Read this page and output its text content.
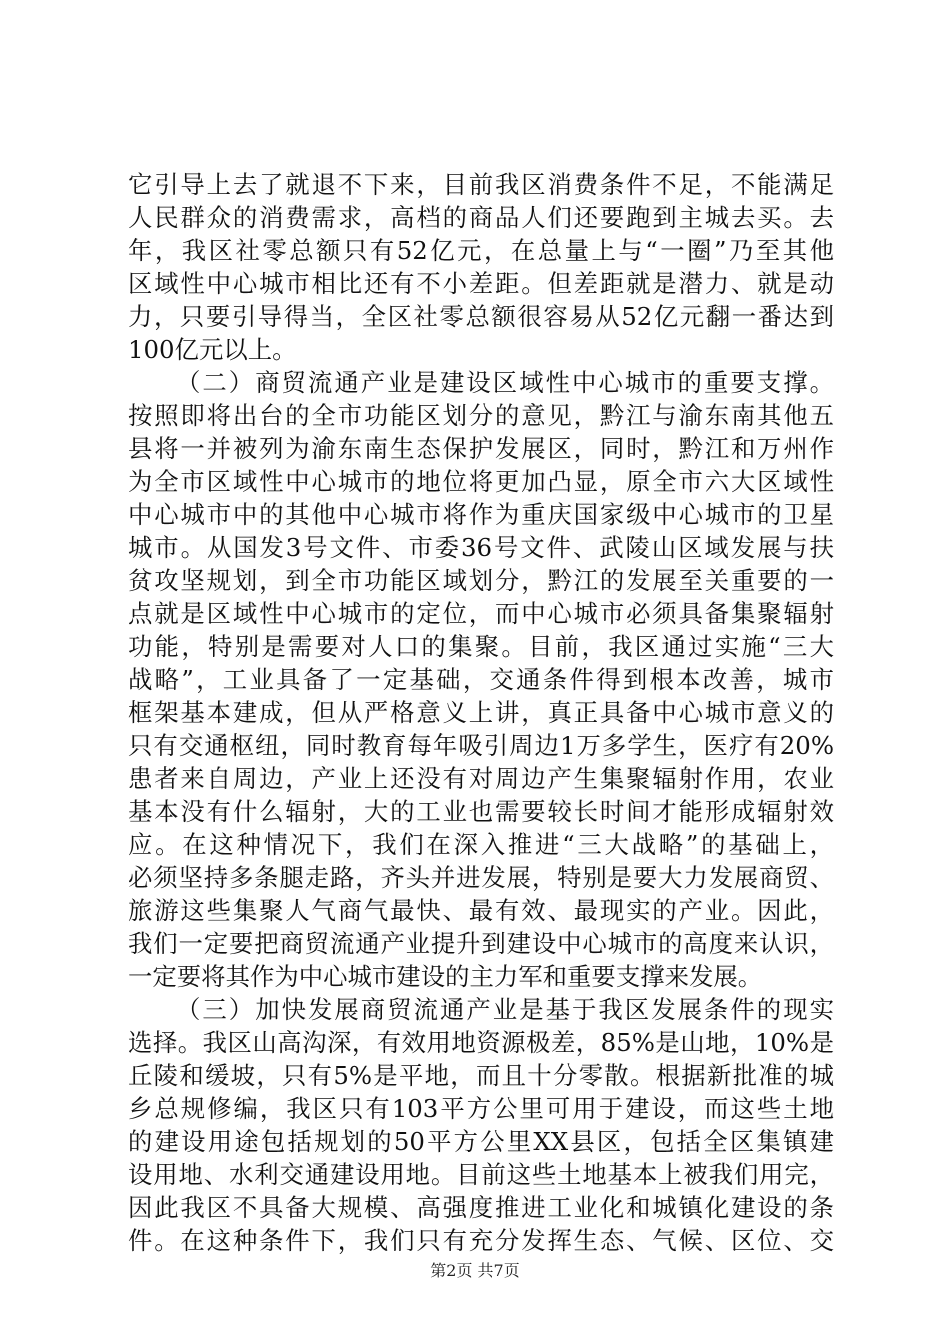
它引导上去了就退不下来，目前我区消费条件不足，不能满足
人民群众的消费需求，高档的商品人们还要跑到主城去买。去
年，我区社零总额只有52亿元，在总量上与“一圈”乃至其他
区域性中心城市相比还有不小差距。但差距就是潜力、就是动
力，只要引导得当，全区社零总额很容易从52亿元翻一番达到
100亿元以上。
（二）商贸流通产业是建设区域性中心城市的重要支撑。
按照即将出台的全市功能区划分的意见，黔江与渝东南其他五
县将一并被列为渝东南生态保护发展区，同时，黔江和万州作
为全市区域性中心城市的地位将更加凸显，原全市六大区域性
中心城市中的其他中心城市将作为重庆国家级中心城市的卫星
城市。从国发3号文件、市委36号文件、武陵山区域发展与扶
贫攻坚规划，到全市功能区域划分，黔江的发展至关重要的一
点就是区域性中心城市的定位，而中心城市必须具备集聚辐射
功能，特别是需要对人口的集聚。目前，我区通过实施“三大
战略”，工业具备了一定基础，交通条件得到根本改善，城市
框架基本建成，但从严格意义上讲，真正具备中心城市意义的
只有交通枢纽，同时教育每年吸引周边1万多学生，医疗有20%
患者来自周边，产业上还没有对周边产生集聚辐射作用，农业
基本没有什么辐射，大的工业也需要较长时间才能形成辐射效
应。在这种情况下，我们在深入推进“三大战略”的基础上，
必须坚持多条腿走路，齐头并进发展，特别是要大力发展商贸、
旅游这些集聚人气商气最快、最有效、最现实的产业。因此，
我们一定要把商贸流通产业提升到建设中心城市的高度来认识，
一定要将其作为中心城市建设的主力军和重要支撑来发展。
（三）加快发展商贸流通产业是基于我区发展条件的现实
选择。我区山高沟深，有效用地资源极差，85%是山地，10%是
丘陵和缓坡，只有5%是平地，而且十分零散。根据新批准的城
乡总规修编，我区只有103平方公里可用于建设，而这些土地
的建设用途包括规划的50平方公里XX县区，包括全区集镇建
设用地、水利交通建设用地。目前这些土地基本上被我们用完，
因此我区不具备大规模、高强度推进工业化和城镇化建设的条
件。在这种条件下，我们只有充分发挥生态、气候、区位、交
第2页 共7页
